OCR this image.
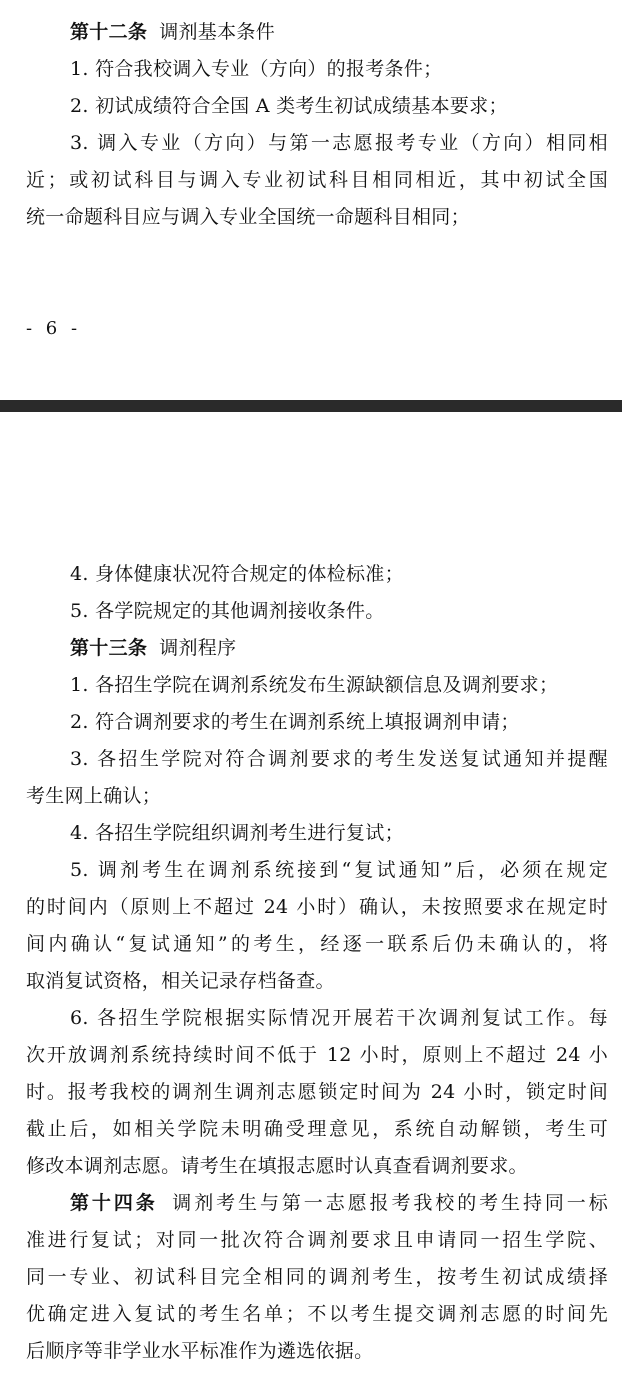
第十二条 调剂基本条件
1. 符合我校调入专业（方向）的报考条件；
2. 初试成绩符合全国 A 类考生初试成绩基本要求；
3. 调入专业（方向）与第一志愿报考专业（方向）相同相
近；或初试科目与调入专业初试科目相同相近，其中初试全国
统一命题科目应与调入专业全国统一命题科目相同；
- 6 -
4. 身体健康状况符合规定的体检标准；
5. 各学院规定的其他调剂接收条件。
第十三条 调剂程序
1. 各招生学院在调剂系统发布生源缺额信息及调剂要求；
2. 符合调剂要求的考生在调剂系统上填报调剂申请；
3. 各招生学院对符合调剂要求的考生发送复试通知并提醒
考生网上确认；
4. 各招生学院组织调剂考生进行复试；
5. 调剂考生在调剂系统接到“复试通知”后，必须在规定
的时间内（原则上不超过 24 小时）确认，未按照要求在规定时
间内确认“复试通知”的考生，经逐一联系后仍未确认的，将
取消复试资格，相关记录存档备查。
6. 各招生学院根据实际情况开展若干次调剂复试工作。每
次开放调剂系统持续时间不低于 12 小时，原则上不超过 24 小
时。报考我校的调剂生调剂志愿锁定时间为 24 小时，锁定时间
截止后，如相关学院未明确受理意见，系统自动解锁，考生可
修改本调剂志愿。请考生在填报志愿时认真查看调剂要求。
第十四条 调剂考生与第一志愿报考我校的考生持同一标
准进行复试；对同一批次符合调剂要求且申请同一招生学院、
同一专业、初试科目完全相同的调剂考生，按考生初试成绩择
优确定进入复试的考生名单；不以考生提交调剂志愿的时间先
后顺序等非学业水平标准作为遴选依据。
